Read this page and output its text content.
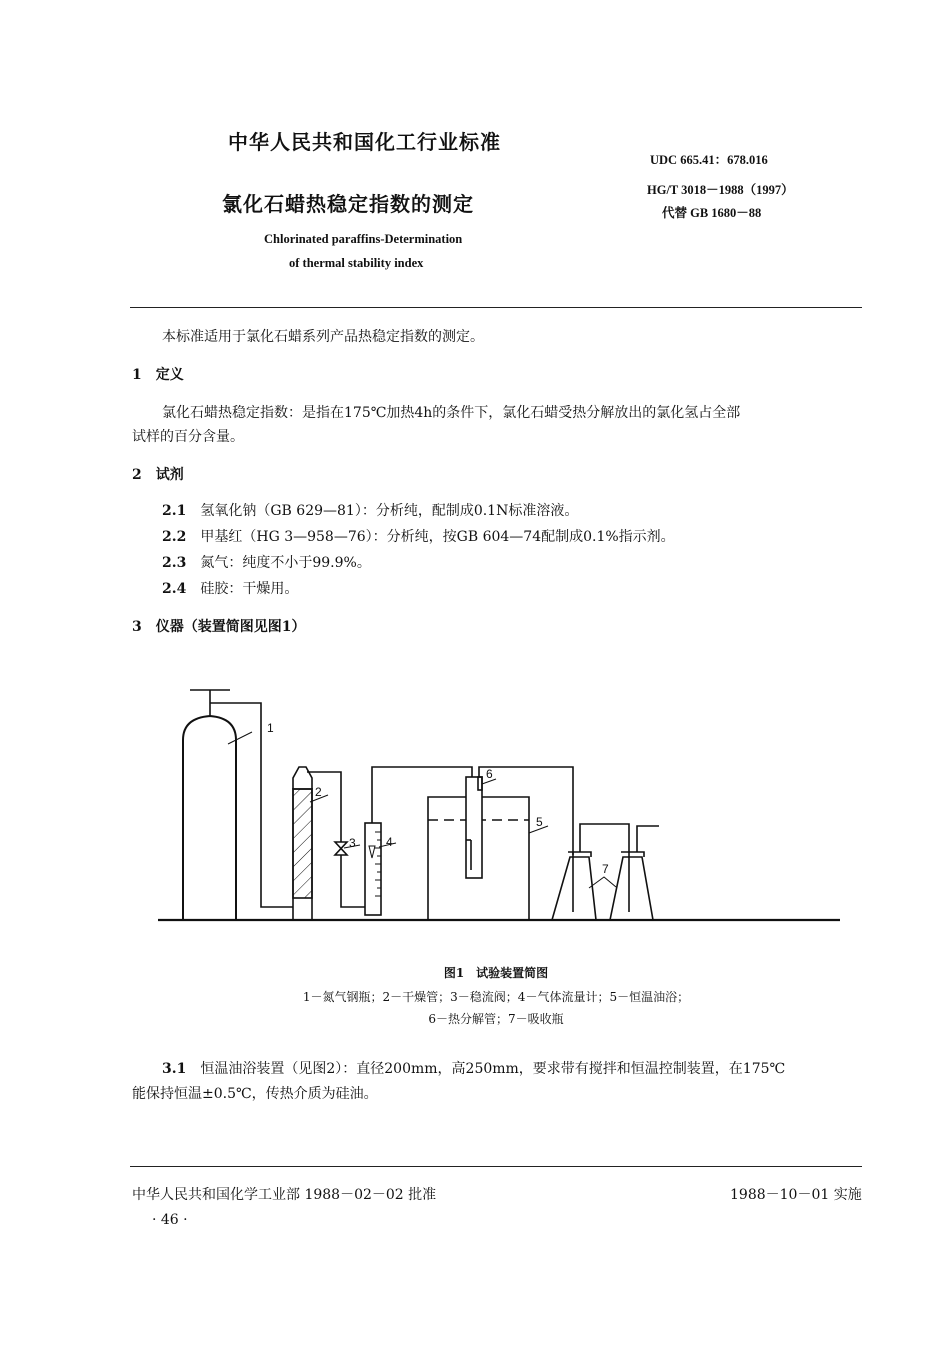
中华人民共和国化工行业标准
UDC 665.41：678.016
氯化石蜡热稳定指数的测定
HG/T 3018－1988（1997）
代替 GB 1680－88
Chlorinated paraffins-Determination
of thermal stability index
本标准适用于氯化石蜡系列产品热稳定指数的测定。
1　 定义
氯化石蜡热稳定指数：是指在175℃加热4h的条件下，氯化石蜡受热分解放出的氯化氢占全部
试样的百分含量。
2　 试剂
2.1　 氢氧化钠（GB 629—81）：分析纯，配制成0.1N标准溶液。
2.2　 甲基红（HG 3—958—76）：分析纯，按GB 604—74配制成0.1%指示剂。
2.3　 氮气：纯度不小于99.9%。
2.4　 硅胶：干燥用。
3　 仪器（装置简图见图1）
1
2
3	4
5
6
7
图1　试验装置简图
1－氮气钢瓶；2－干燥管；3－稳流阀；4－气体流量计；5－恒温油浴；
6－热分解管；7－吸收瓶
3.1　 恒温油浴装置（见图2）：直径200mm，高250mm，要求带有搅拌和恒温控制装置，在175℃
能保持恒温±0.5℃，传热介质为硅油。
中华人民共和国化学工业部 1988－02－02 批准	1988－10－01 实施
· 46 ·
